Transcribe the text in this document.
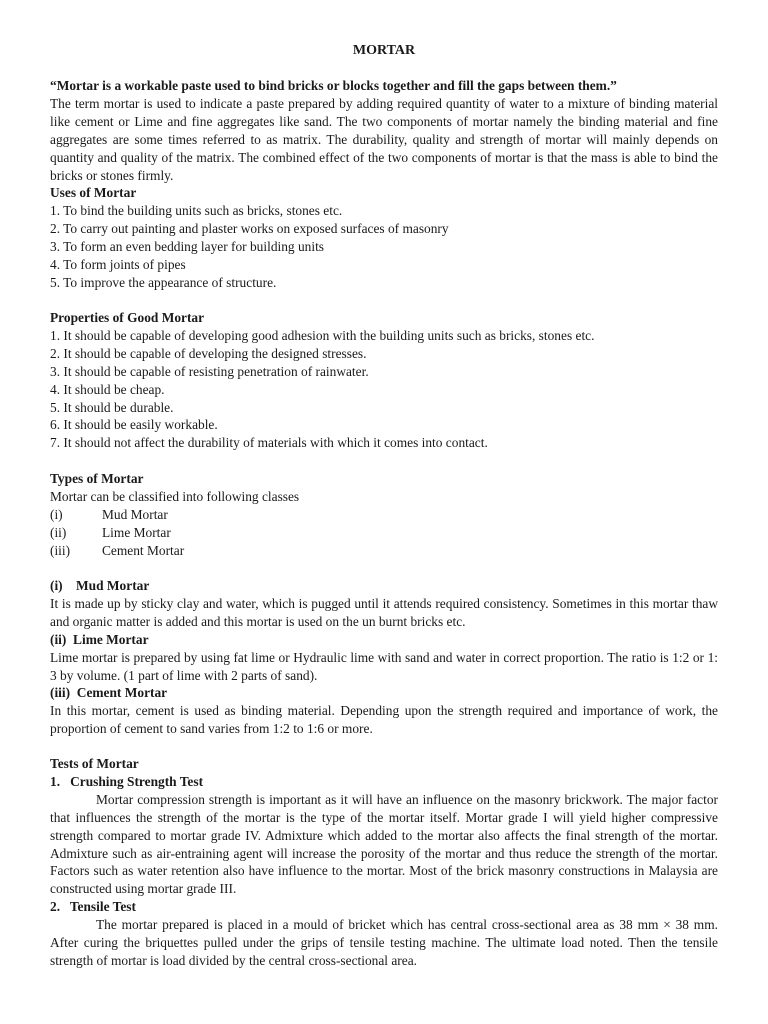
MORTAR
“Mortar is a workable paste used to bind bricks or blocks together and fill the gaps between them.”
The term mortar is used to indicate a paste prepared by adding required quantity of water to a mixture of binding material like cement or Lime and fine aggregates like sand. The two components of mortar namely the binding material and fine aggregates are some times referred to as matrix. The durability, quality and strength of mortar will mainly depends on quantity and quality of the matrix. The combined effect of the two components of mortar is that the mass is able to bind the bricks or stones firmly.
Uses of Mortar
1. To bind the building units such as bricks, stones etc.
2. To carry out painting and plaster works on exposed surfaces of masonry
3. To form an even bedding layer for building units
4. To form joints of pipes
5. To improve the appearance of structure.
Properties of Good Mortar
1. It should be capable of developing good adhesion with the building units such as bricks, stones etc.
2. It should be capable of developing the designed stresses.
3. It should be capable of resisting penetration of rainwater.
4. It should be cheap.
5. It should be durable.
6. It should be easily workable.
7. It should not affect the durability of materials with which it comes into contact.
Types of Mortar
Mortar can be classified into following classes
(i)	Mud Mortar
(ii)	Lime Mortar
(iii) Cement Mortar
(i)    Mud Mortar
It is made up by sticky clay and water, which is pugged until it attends required consistency. Sometimes in this mortar thaw and organic matter is added and this mortar is used on the un burnt bricks etc.
(ii)  Lime Mortar
Lime mortar is prepared by using fat lime or Hydraulic lime with sand and water in correct proportion. The ratio is 1:2 or 1: 3 by volume. (1 part of lime with 2 parts of sand).
(iii)  Cement Mortar
In this mortar, cement is used as binding material. Depending upon the strength required and importance of work, the proportion of cement to sand varies from 1:2 to 1:6 or more.
Tests of Mortar
1.   Crushing Strength Test
Mortar compression strength is important as it will have an influence on the masonry brickwork. The major factor that influences the strength of the mortar is the type of the mortar itself. Mortar grade I will yield higher compressive strength compared to mortar grade IV. Admixture which added to the mortar also affects the final strength of the mortar. Admixture such as air-entraining agent will increase the porosity of the mortar and thus reduce the strength of the mortar. Factors such as water retention also have influence to the mortar. Most of the brick masonry constructions in Malaysia are constructed using mortar grade III.
2.   Tensile Test
The mortar prepared is placed in a mould of bricket which has central cross-sectional area as 38 mm × 38 mm. After curing the briquettes pulled under the grips of tensile testing machine. The ultimate load noted. Then the tensile strength of mortar is load divided by the central cross-sectional area.
